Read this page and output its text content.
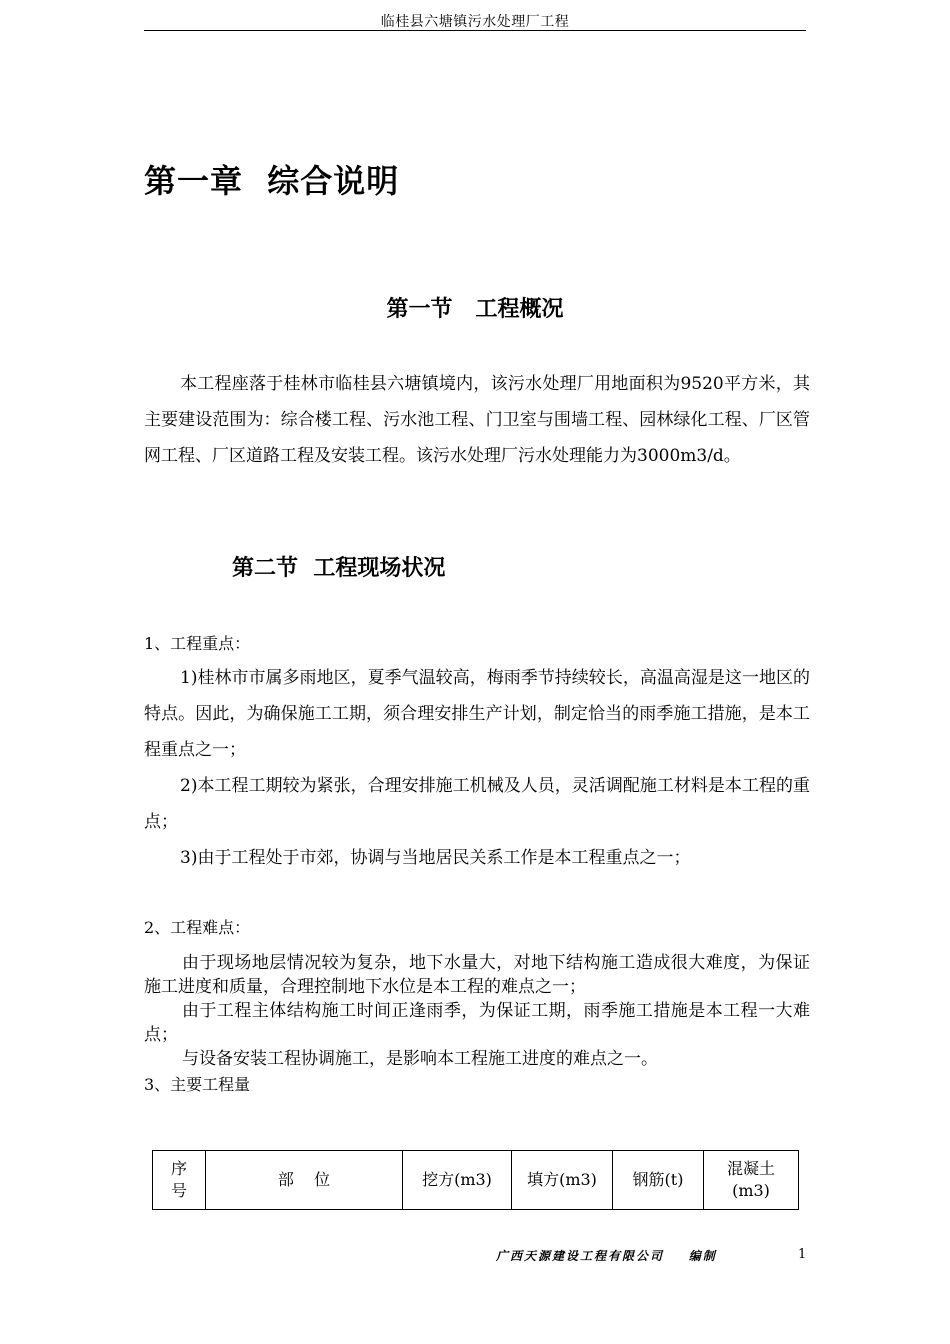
临桂县六塘镇污水处理厂工程
第一章  综合说明
第一节   工程概况
本工程座落于桂林市临桂县六塘镇境内，该污水处理厂用地面积为9520平方米，其主要建设范围为：综合楼工程、污水池工程、门卫室与围墙工程、园林绿化工程、厂区管网工程、厂区道路工程及安装工程。该污水处理厂污水处理能力为3000m3/d。
第二节  工程现场状况
1、工程重点：
1)桂林市市属多雨地区，夏季气温较高，梅雨季节持续较长，高温高湿是这一地区的特点。因此，为确保施工工期，须合理安排生产计划，制定恰当的雨季施工措施，是本工程重点之一；
2)本工程工期较为紧张，合理安排施工机械及人员，灵活调配施工材料是本工程的重点；
3)由于工程处于市郊，协调与当地居民关系工作是本工程重点之一；
2、工程难点：
由于现场地层情况较为复杂，地下水量大，对地下结构施工造成很大难度，为保证施工进度和质量，合理控制地下水位是本工程的难点之一；
由于工程主体结构施工时间正逢雨季，为保证工期，雨季施工措施是本工程一大难点；
与设备安装工程协调施工，是影响本工程施工进度的难点之一。
3、主要工程量
序
号	部    位	挖方(m3)	填方(m3)	钢筋(t)	混凝土
(m3)
广西天源建设工程有限公司    编制	1
